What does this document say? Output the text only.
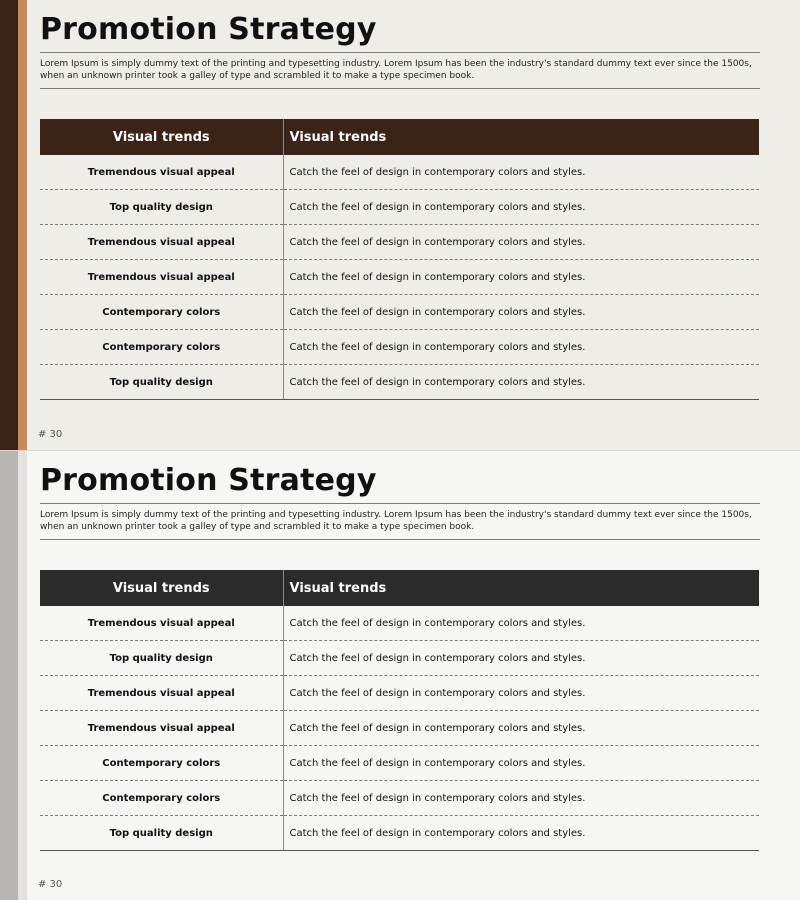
Promotion Strategy
Lorem Ipsum is simply dummy text of the printing and typesetting industry. Lorem Ipsum has been the industry's standard dummy text ever since the 1500s, when an unknown printer took a galley of type and scrambled it to make a type specimen book.
Visual trends	Visual trends
Tremendous visual appeal	Catch the feel of design in contemporary colors and styles.
Top quality design	Catch the feel of design in contemporary colors and styles.
Tremendous visual appeal	Catch the feel of design in contemporary colors and styles.
Tremendous visual appeal	Catch the feel of design in contemporary colors and styles.
Contemporary colors	Catch the feel of design in contemporary colors and styles.
Contemporary colors	Catch the feel of design in contemporary colors and styles.
Top quality design	Catch the feel of design in contemporary colors and styles.
# 30
Promotion Strategy
Lorem Ipsum is simply dummy text of the printing and typesetting industry. Lorem Ipsum has been the industry's standard dummy text ever since the 1500s, when an unknown printer took a galley of type and scrambled it to make a type specimen book.
Visual trends	Visual trends
Tremendous visual appeal	Catch the feel of design in contemporary colors and styles.
Top quality design	Catch the feel of design in contemporary colors and styles.
Tremendous visual appeal	Catch the feel of design in contemporary colors and styles.
Tremendous visual appeal	Catch the feel of design in contemporary colors and styles.
Contemporary colors	Catch the feel of design in contemporary colors and styles.
Contemporary colors	Catch the feel of design in contemporary colors and styles.
Top quality design	Catch the feel of design in contemporary colors and styles.
# 30
